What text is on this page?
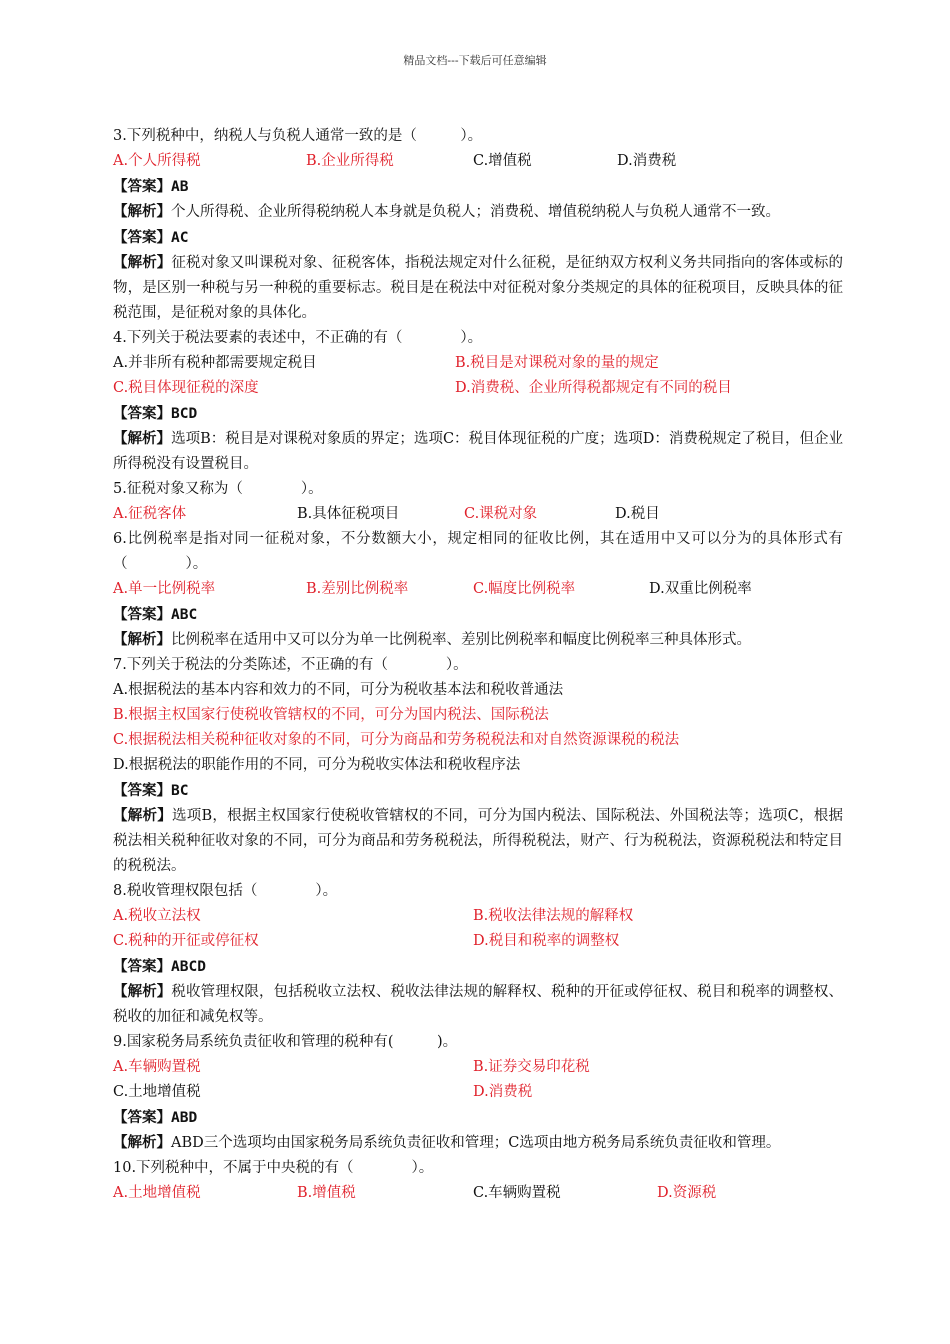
精品文档---下载后可任意编辑
3.下列税种中，纳税人与负税人通常一致的是（　　　）。
A.个人所得税	B.企业所得税	C.增值税	D.消费税
【答案】AB
【解析】个人所得税、企业所得税纳税人本身就是负税人；消费税、增值税纳税人与负税人通常不一致。
【答案】AC
【解析】征税对象又叫课税对象、征税客体，指税法规定对什么征税，是征纳双方权利义务共同指向的客体或标的物，是区别一种税与另一种税的重要标志。税目是在税法中对征税对象分类规定的具体的征税项目，反映具体的征税范围，是征税对象的具体化。
4.下列关于税法要素的表述中，不正确的有（　　　　）。
A.并非所有税种都需要规定税目	B.税目是对课税对象的量的规定
C.税目体现征税的深度	D.消费税、企业所得税都规定有不同的税目
【答案】BCD
【解析】选项B：税目是对课税对象质的界定；选项C：税目体现征税的广度；选项D：消费税规定了税目，但企业所得税没有设置税目。
5.征税对象又称为（　　　　）。
A.征税客体	B.具体征税项目	C.课税对象	D.税目
6.比例税率是指对同一征税对象，不分数额大小，规定相同的征收比例，其在适用中又可以分为的具体形式有（　　　　）。
A.单一比例税率	B.差别比例税率	C.幅度比例税率	D.双重比例税率
【答案】ABC
【解析】比例税率在适用中又可以分为单一比例税率、差别比例税率和幅度比例税率三种具体形式。
7.下列关于税法的分类陈述，不正确的有（　　　　）。
A.根据税法的基本内容和效力的不同，可分为税收基本法和税收普通法
B.根据主权国家行使税收管辖权的不同，可分为国内税法、国际税法
C.根据税法相关税种征收对象的不同，可分为商品和劳务税税法和对自然资源课税的税法
D.根据税法的职能作用的不同，可分为税收实体法和税收程序法
【答案】BC
【解析】选项B，根据主权国家行使税收管辖权的不同，可分为国内税法、国际税法、外国税法等；选项C，根据税法相关税种征收对象的不同，可分为商品和劳务税税法，所得税税法，财产、行为税税法，资源税税法和特定目的税税法。
8.税收管理权限包括（　　　　）。
A.税收立法权	B.税收法律法规的解释权
C.税种的开征或停征权	D.税目和税率的调整权
【答案】ABCD
【解析】税收管理权限，包括税收立法权、税收法律法规的解释权、税种的开征或停征权、税目和税率的调整权、税收的加征和减免权等。
9.国家税务局系统负责征收和管理的税种有(　　　)。
A.车辆购置税	B.证券交易印花税
C.土地增值税	D.消费税
【答案】ABD
【解析】ABD三个选项均由国家税务局系统负责征收和管理；C选项由地方税务局系统负责征收和管理。
10.下列税种中，不属于中央税的有（　　　　）。
A.土地增值税	B.增值税	C.车辆购置税	D.资源税
